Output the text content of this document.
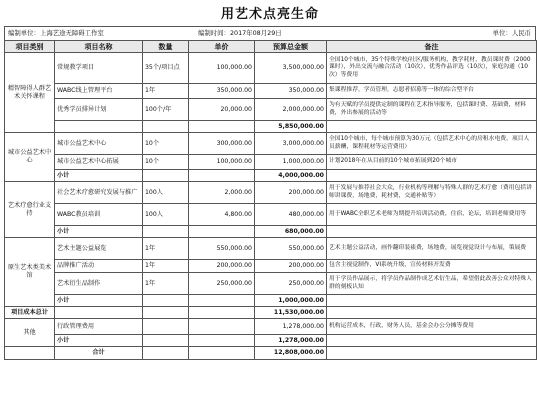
用艺术点亮生命
编制单位：上海艺途无障碍工作室	编制时间：2017年08月29日	单位：人民币
项目类别	项目名称	数量	单价	预算总金额	备注
精智障得人群艺术关怀课程	常规教学项目	35个/项目点	100,000.00	3,500,000.00	全国10个城市，35个特殊学校/社区/服务机构，教学耗材，教员课时费（2000课时），外出交流与融合活动（10次），优秀作品评选（10次），家庭沟通（10次）等费用
	WABC线上管理平台	1年	350,000.00	350,000.00	集课程推荐，学员管理，志愿者招募等一体的综合型平台
	优秀学员排异计划	100个/年	20,000.00	2,000,000.00	为有天赋的学员提供定制的课程在艺术指导服务，包括课时费、基础费，材料费，外出参展的活动等
				5,850,000.00	
城市公益艺术中心	城市公益艺术中心	10个	300,000.00	3,000,000.00	全国10个城市，每个城市预算为30万元（包括艺术中心的房租水电费，项目人员薪酬，课程耗材等运营费用）
	城市公益艺术中心拓展	10个	100,000.00	1,000,000.00	计划2018年在从目前的10个城市拓展到20个城市
	小计			4,000,000.00	
艺术疗愈行业支持	社会艺术疗愈研究发展与推广	100人	2,000.00	200,000.00	用于发展与推荐社会大众，行业机构等理解与特殊人群的艺术疗愈（费用包括讲师讲课费，场地费，耗材费，交通补贴等）
	WABC教员培训	100人	4,800.00	480,000.00	用于WABC全职艺术老师为期提升培训活动费，住宿，论坛，培训老师费用等
	小计			680,000.00	
原生艺术类美术馆	艺术主题公益展览	1年	550,000.00	550,000.00	艺术主题公益活动，画作翻印装裱费，场地费，展览视觉设计与布展，策展费
	品牌推广活动	1年	200,000.00	200,000.00	包含主视觉制作，VI系统升级，宣传材料开发费
	艺术衍生品制作	1年	250,000.00	250,000.00	用于学员作品展示，将学员作品制作成艺术衍生品，希望借此改善公众对特殊人群的刻板认知
	小计			1,000,000.00	
项目成本总计				11,530,000.00	
其他	行政管理费用			1,278,000.00	机构运营成本，行政，财务人员，基金会办公分摊等费用
	小计			1,278,000.00	
	合计			12,808,000.00	
